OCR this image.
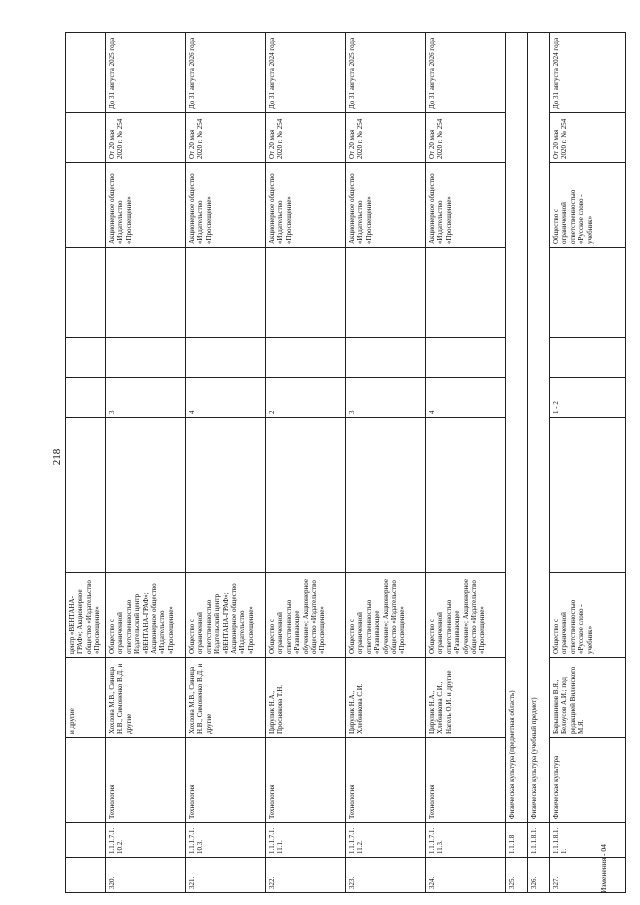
218
			и другие	центр «ВЕНТАНА-ГРАФ»; Акционерное общество «Издательство «Просвещение»							
320.	1.1.1.7.1.10.2.	Технология	Хохлова М.В., Синица Н.В., Симоненко В.Д. и другие	Общество с ограниченной ответственностью Издательский центр «ВЕНТАНА-ГРАФ»; Акционерное общество «Издательство «Просвещение»		3			Акционерное общество «Издательство «Просвещение»	От 20 мая 2020 г. № 254	До 31 августа 2025 года
321.	1.1.1.7.1.10.3.	Технология	Хохлова М.В., Синица Н.В., Симоненко В.Д. и другие	Общество с ограниченной ответственностью Издательский центр «ВЕНТАНА-ГРАФ»; Акционерное общество «Издательство «Просвещение»		4			Акционерное общество «Издательство «Просвещение»	От 20 мая 2020 г. № 254	До 31 августа 2026 года
322.	1.1.1.7.1.11.1.	Технология	Цирулик Н.А., Проснякова Т.Н.	Общество с ограниченной ответственностью «Развивающее обучение»; Акционерное общество «Издательство «Просвещение»		2			Акционерное общество «Издательство «Просвещение»	От 20 мая 2020 г. № 254	До 31 августа 2024 года
323.	1.1.1.7.1.11.2.	Технология	Цирулик Н.А., Хлебникова С.И.	Общество с ограниченной ответственностью «Развивающее обучение»; Акционерное общество «Издательство «Просвещение»		3			Акционерное общество «Издательство «Просвещение»	От 20 мая 2020 г. № 254	До 31 августа 2025 года
324.	1.1.1.7.1.11.3.	Технология	Цирулик Н.А., Хлебникова С.И., Нагель О.И. и другие	Общество с ограниченной ответственностью «Развивающее обучение»; Акционерное общество «Издательство «Просвещение»		4			Акционерное общество «Издательство «Просвещение»	От 20 мая 2020 г. № 254	До 31 августа 2026 года
325.	1.1.1.8	Физическая культура (предметная область)									
326.	1.1.1.8.1.	Физическая культура (учебный предмет)									
327.	1.1.1.8.1.1.	Физическая культура	Барышников В.Я., Белоусов А.И.; под редакцией Виленского М.Я.	Общество с ограниченной ответственностью «Русское слово - учебник»		1 - 2			Общество с ограниченной ответственностью «Русское слово - учебник»	От 20 мая 2020 г. № 254	До 31 августа 2024 года
Изменения - 04
